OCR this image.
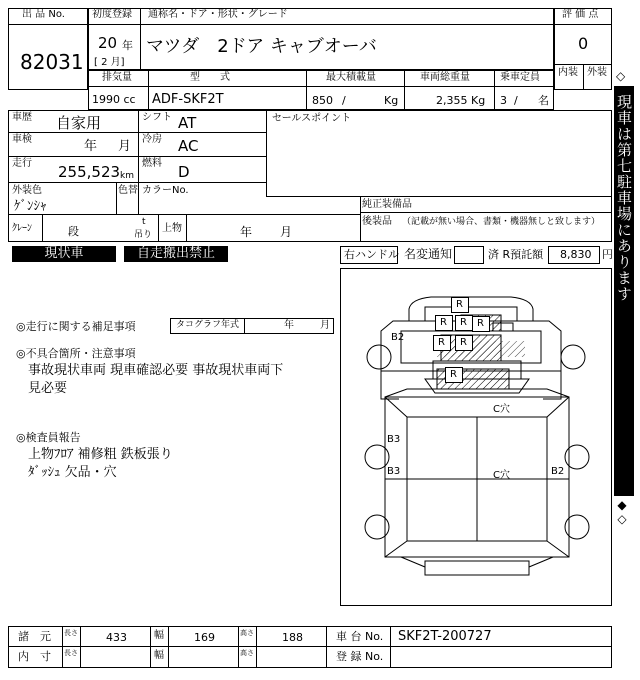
出 品 No.
82031
初度登録 通称名・ドア・形状・グレード
20 年
[ 2 月]
マツダ　2ドア キャブオーバ
評 価 点
0
内装 外装
排気量	型　　式	最大積載量	車両総重量	乗車定員
1990 cc ADF-SKF2T	850 /	Kg	2,355 Kg 3 / 名
車歴 自家用	シフト AT	セールスポイント
車検	年 月 冷房 AC
走行 255,523 km
燃料 D
外装色
ｹﾞﾝｼｬ
色替 カラーNo.
純正装備品
後装品 （記載が無い場合、書類・機器無しと致します）
ｸﾚｰﾝ	段
t
吊り
上物	年 月
現状車	自走搬出禁止	右ハンドル 名変通知	済 R預託額 8,830 円
◎走行に関する補足事項	タコグラフ年式	年	月
◎不具合箇所・注意事項
事故現状車両 現車確認必要 事故現状車両下
見必要
◎検査員報告
上物ﾌﾛｱ 補修粗 鉄板張り
ﾀﾞｯｼｭ 欠品・穴
R
R R
R R
R
R
B2
B3
B3	B2
C穴
C穴
◇
現車は第七駐車場にあります
◆◇
諸　元 長さ	433	幅	169	高さ	188	車 台 No. SKF2T-200727
内　寸 長さ	幅	高さ	登 録 No.
